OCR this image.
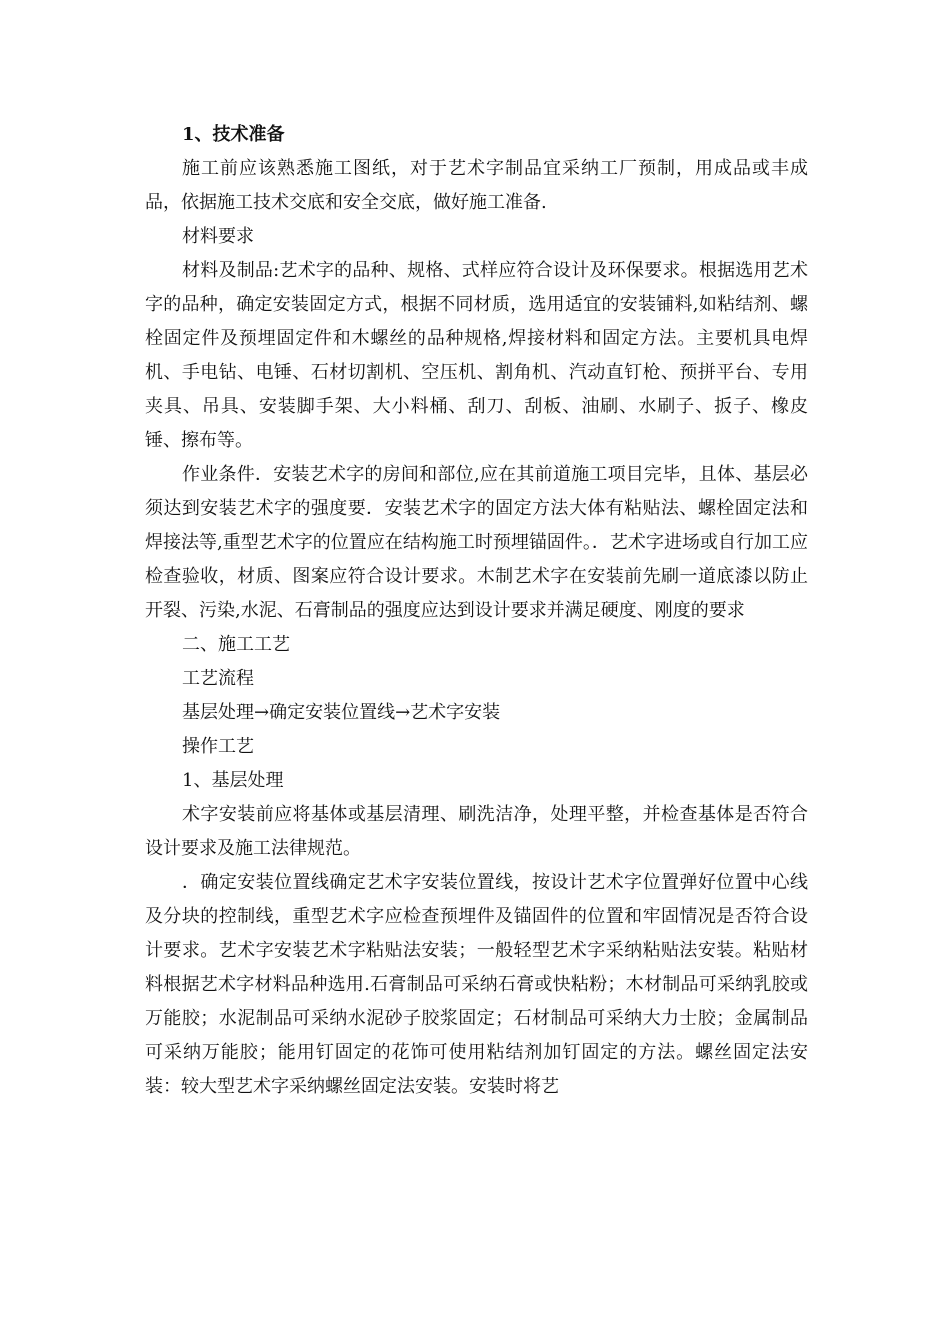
1、技术准备

施工前应该熟悉施工图纸，对于艺术字制品宜采纳工厂预制，用成品或丰成品，依据施工技术交底和安全交底，做好施工准备.

材料要求

材料及制品:艺术字的品种、规格、式样应符合设计及环保要求。根据选用艺术字的品种，确定安装固定方式，根据不同材质，选用适宜的安装铺料,如粘结剂、螺栓固定件及预埋固定件和木螺丝的品种规格,焊接材料和固定方法。主要机具电焊机、手电钻、电锤、石材切割机、空压机、割角机、汽动直钉枪、预拼平台、专用夹具、吊具、安装脚手架、大小料桶、刮刀、刮板、油刷、水刷子、扳子、橡皮锤、擦布等。

作业条件．安装艺术字的房间和部位,应在其前道施工项目完毕，且体、基层必须达到安装艺术字的强度要．安装艺术字的固定方法大体有粘贴法、螺栓固定法和焊接法等,重型艺术字的位置应在结构施工时预埋锚固件。．艺术字进场或自行加工应检查验收，材质、图案应符合设计要求。木制艺术字在安装前先刷一道底漆以防止开裂、污染,水泥、石膏制品的强度应达到设计要求并满足硬度、刚度的要求

二、施工工艺

工艺流程

基层处理→确定安装位置线→艺术字安装

操作工艺

1、基层处理

术字安装前应将基体或基层清理、刷洗洁净，处理平整，并检查基体是否符合设计要求及施工法律规范。

．确定安装位置线确定艺术字安装位置线，按设计艺术字位置弹好位置中心线及分块的控制线，重型艺术字应检查预埋件及锚固件的位置和牢固情况是否符合设计要求。艺术字安装艺术字粘贴法安装；一般轻型艺术字采纳粘贴法安装。粘贴材料根据艺术字材料品种选用.石膏制品可采纳石膏或快粘粉；木材制品可采纳乳胶或万能胶；水泥制品可采纳水泥砂子胶浆固定；石材制品可采纳大力士胶；金属制品可采纳万能胶；能用钉固定的花饰可使用粘结剂加钉固定的方法。螺丝固定法安装：较大型艺术字采纳螺丝固定法安装。安装时将艺
